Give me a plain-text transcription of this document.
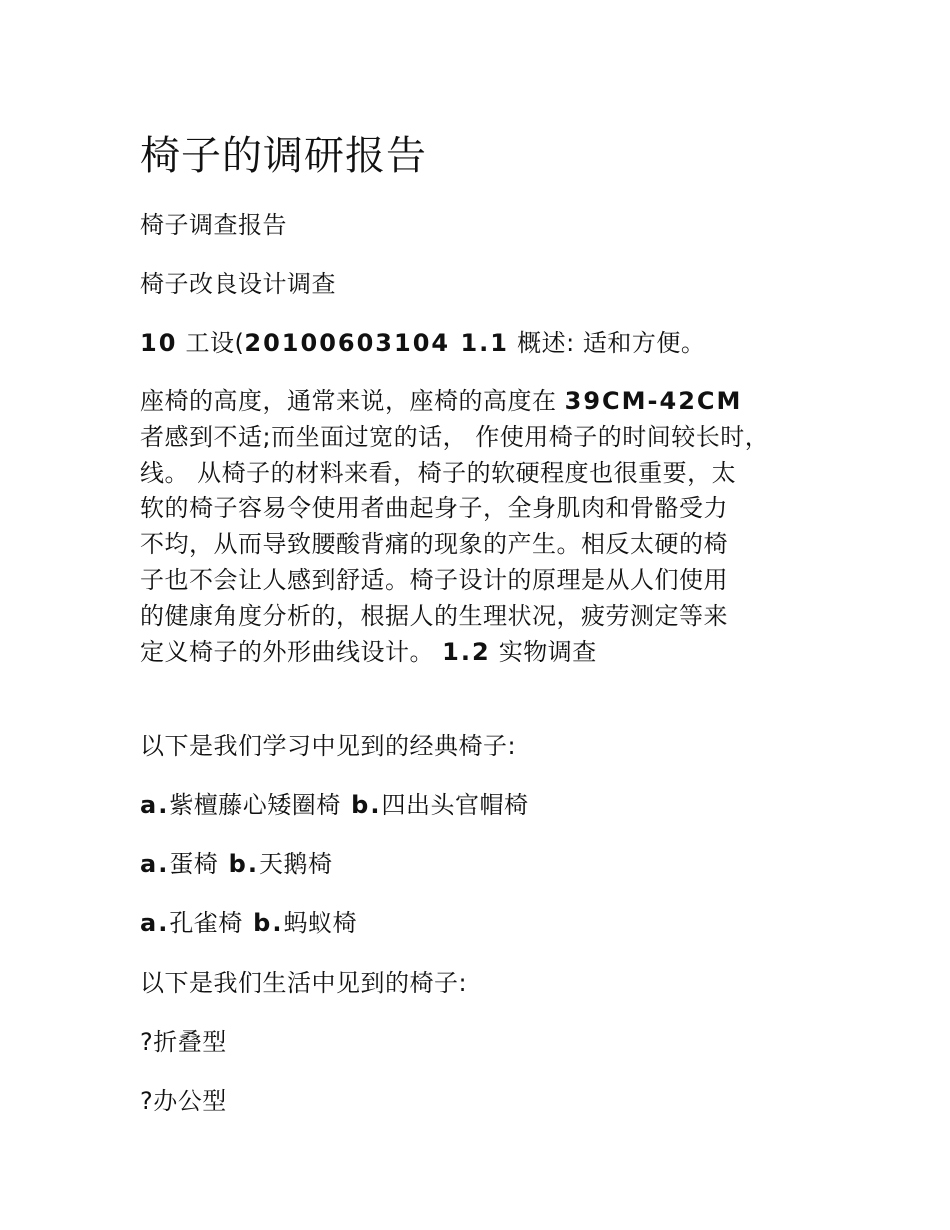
椅子的调研报告
椅子调查报告
椅子改良设计调查
10 工设(20100603104 1.1 概述: 适和方便。
座椅的高度，通常来说，座椅的高度在 39CM-42CM
者感到不适;而坐面过宽的话， 作使用椅子的时间较长时，
线。 从椅子的材料来看，椅子的软硬程度也很重要，太
软的椅子容易令使用者曲起身子，全身肌肉和骨骼受力
不均，从而导致腰酸背痛的现象的产生。相反太硬的椅
子也不会让人感到舒适。椅子设计的原理是从人们使用
的健康角度分析的，根据人的生理状况，疲劳测定等来
定义椅子的外形曲线设计。 1.2 实物调查
以下是我们学习中见到的经典椅子:
a.紫檀藤心矮圈椅 b.四出头官帽椅
a.蛋椅 b.天鹅椅
a.孔雀椅 b.蚂蚁椅
以下是我们生活中见到的椅子:
?折叠型
?办公型
